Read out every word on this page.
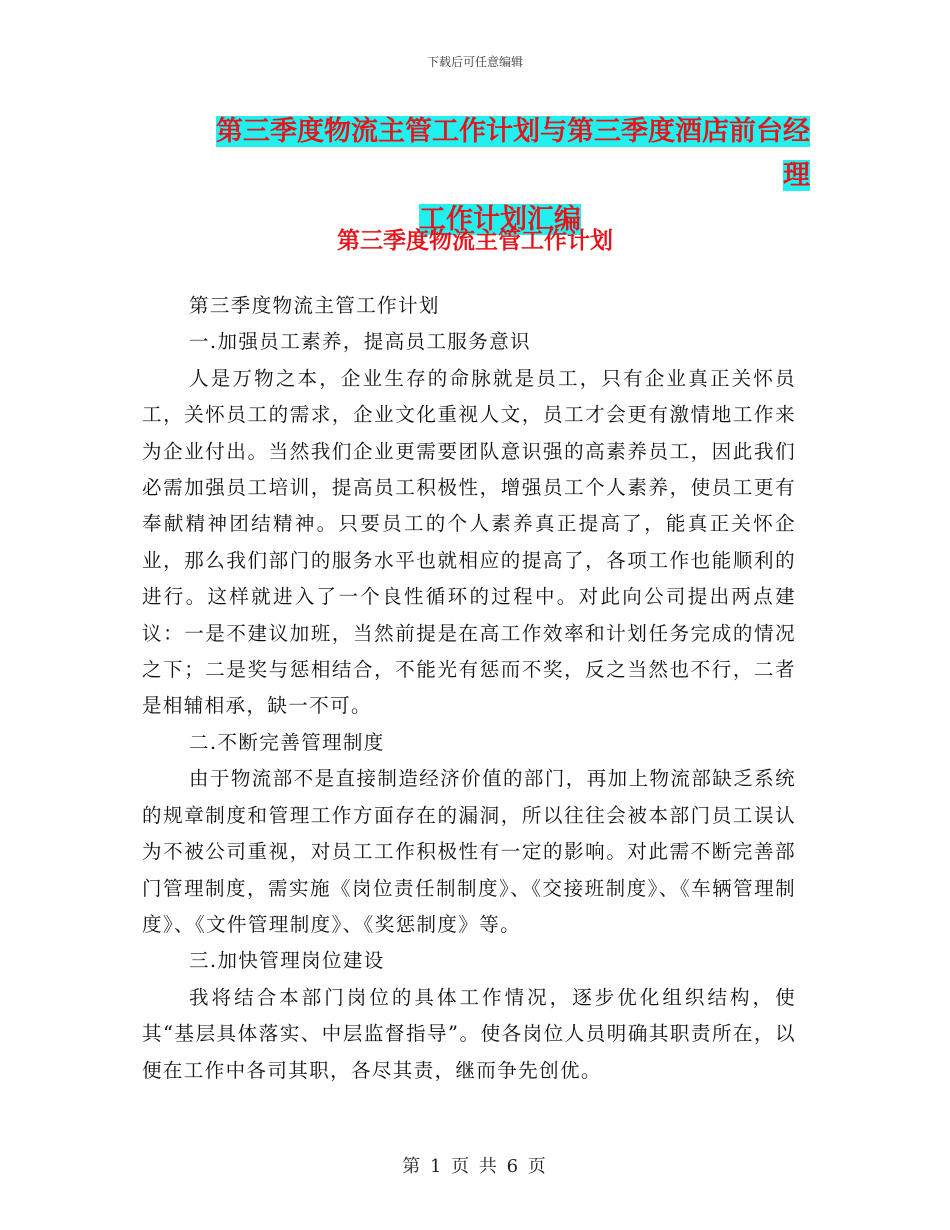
下载后可任意编辑
第三季度物流主管工作计划与第三季度酒店前台经理
工作计划汇编
第三季度物流主管工作计划

第三季度物流主管工作计划

一.加强员工素养，提高员工服务意识

人是万物之本，企业生存的命脉就是员工，只有企业真正关怀员工，关怀员工的需求，企业文化重视人文，员工才会更有激情地工作来为企业付出。当然我们企业更需要团队意识强的高素养员工，因此我们必需加强员工培训，提高员工积极性，增强员工个人素养，使员工更有奉献精神团结精神。只要员工的个人素养真正提高了，能真正关怀企业，那么我们部门的服务水平也就相应的提高了，各项工作也能顺利的进行。这样就进入了一个良性循环的过程中。对此向公司提出两点建议：一是不建议加班，当然前提是在高工作效率和计划任务完成的情况之下；二是奖与惩相结合，不能光有惩而不奖，反之当然也不行，二者是相辅相承，缺一不可。

二.不断完善管理制度

由于物流部不是直接制造经济价值的部门，再加上物流部缺乏系统的规章制度和管理工作方面存在的漏洞，所以往往会被本部门员工误认为不被公司重视，对员工工作积极性有一定的影响。对此需不断完善部门管理制度，需实施《岗位责任制制度》、《交接班制度》、《车辆管理制度》、《文件管理制度》、《奖惩制度》等。

三.加快管理岗位建设

我将结合本部门岗位的具体工作情况，逐步优化组织结构，使其“基层具体落实、中层监督指导”。使各岗位人员明确其职责所在，以便在工作中各司其职，各尽其责，继而争先创优。

第 1 页 共 6 页
